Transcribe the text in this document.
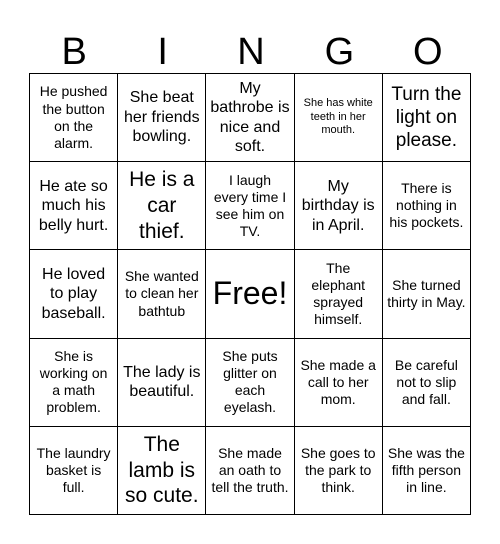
B	I	N	G	O
He pushed the button on the alarm.
She beat her friends bowling.
My bathrobe is nice and soft.
She has white teeth in her mouth.
Turn the light on please.
He ate so much his belly hurt.
He is a car thief.
I laugh every time I see him on TV.
My birthday is in April.
There is nothing in his pockets.
He loved to play baseball.
She wanted to clean her bathtub Free!
The elephant sprayed himself.
She turned thirty in May.
She is working on a math problem.
The lady is beautiful.
She puts glitter on each eyelash.
She made a call to her mom.
Be careful not to slip and fall.
The laundry basket is full.
The lamb is so cute.
She made an oath to tell the truth.
She goes to the park to think.
She was the fifth person in line.
